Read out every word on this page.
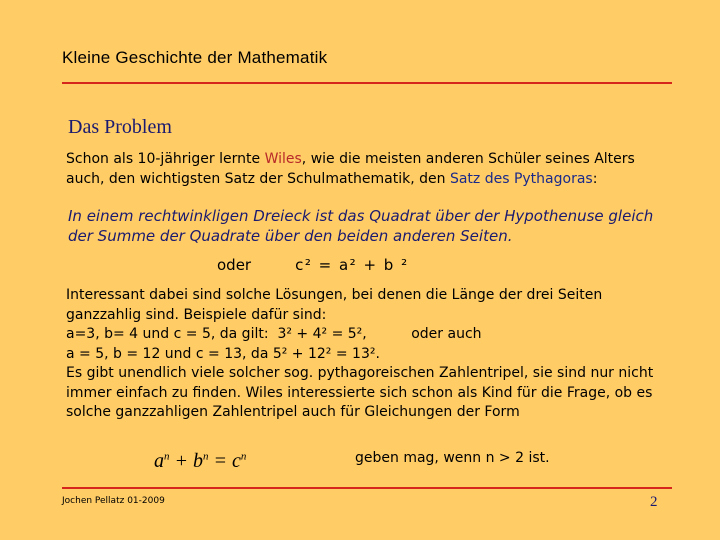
Kleine Geschichte der Mathematik
Das Problem
Schon als 10-jähriger lernte Wiles, wie die meisten anderen Schüler seines Alters auch, den wichtigsten Satz der Schulmathematik, den Satz des Pythagoras:
In einem rechtwinkligen Dreieck ist das Quadrat über der Hypothenuse gleich der Summe der Quadrate über den beiden anderen Seiten.
oder	c² = a² + b ²
Interessant dabei sind solche Lösungen, bei denen die Länge der drei Seiten ganzzahlig sind. Beispiele dafür sind:
a=3, b= 4 und c = 5, da gilt:  3² + 4² = 5²,          oder auch
a = 5, b = 12 und c = 13, da 5² + 12² = 13².
Es gibt unendlich viele solcher sog. pythagoreischen Zahlentripel, sie sind nur nicht immer einfach zu finden. Wiles interessierte sich schon als Kind für die Frage, ob es solche ganzzahligen Zahlentripel auch für Gleichungen der Form
$a^n + b^n = c^n$	geben mag, wenn n > 2 ist.
Jochen Pellatz 01-2009	2
